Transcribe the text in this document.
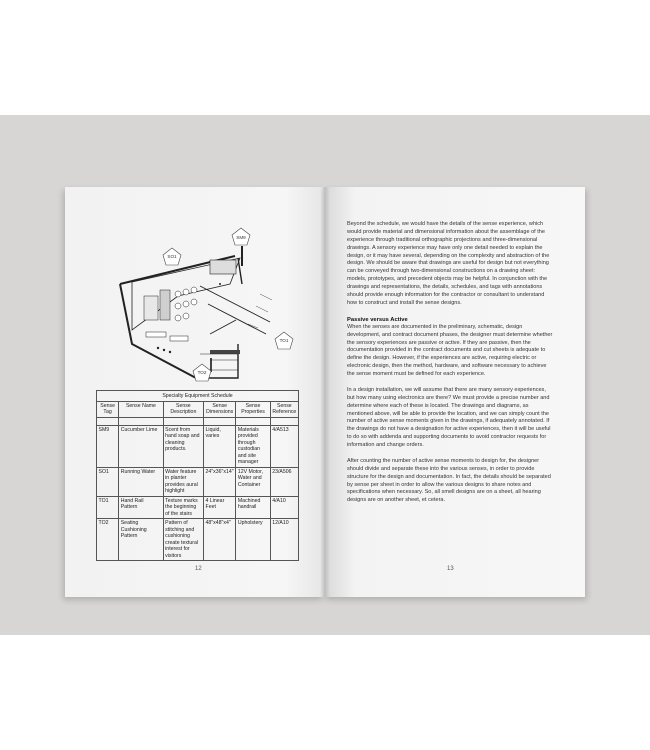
SM9
SO1
TO1
TO2
Specialty Equipment Schedule					
Sense Tag	Sense Name	Sense Description	Sense Dimensions	Sense Properties	Sense Reference

SM9	Cucumber Lime	Scent from hand soap and cleaning products.	Liquid, varies	Materials provided through custodian and site manager	4/A513
SO1	Running Water	Water feature in planter provides aural highlight	24"x36"x14"	12V Motor, Water and Container	23/A506
TO1	Hand Rail Pattern	Texture marks the beginning of the stairs	4 Linear Feet	Machined handrail	4/A10
TO2	Seating Cushioning Pattern	Pattern of stitching and cushioning create textural interest for visitors	48"x48"x4"	Upholstery	12/A10
12	13

Beyond the schedule, we would have the details of the sense experience, which would provide material and dimensional information about the assemblage of the experience through traditional orthographic projections and three-dimensional drawings. A sensory experience may have only one detail needed to explain the design, or it may have several, depending on the complexity and abstraction of the design. We should be aware that drawings are useful for design but not everything can be conveyed through two-dimensional constructions on a drawing sheet: models, prototypes, and precedent objects may be helpful. In conjunction with the drawings and representations, the details, schedules, and tags with annotations should provide enough information for the contractor or consultant to understand how to construct and install the sense designs.

Passive versus Active

When the senses are documented in the preliminary, schematic, design development, and contract document phases, the designer must determine whether the sensory experiences are passive or active. If they are passive, then the documentation provided in the contract documents and cut sheets is adequate to define the design. However, if the experiences are active, requiring electric or electronic design, then the method, hardware, and software necessary to achieve the sense moment must be defined for each experience.

In a design installation, we will assume that there are many sensory experiences, but how many using electronics are there? We must provide a precise number and determine where each of these is located. The drawings and diagrams, as mentioned above, will be able to provide the location, and we can simply count the number of active sense moments given in the drawings, if adequately annotated. If the drawings do not have a designation for active experiences, then it will be useful to do so with addenda and supporting documents to avoid contractor requests for information and change orders.

After counting the number of active sense moments to design for, the designer should divide and separate these into the various senses, in order to provide structure for the design and documentation. In fact, the details should be separated by sense per sheet in order to allow the various designs to share notes and specifications when necessary. So, all smell designs are on a sheet, all hearing designs are on another sheet, et cetera.
